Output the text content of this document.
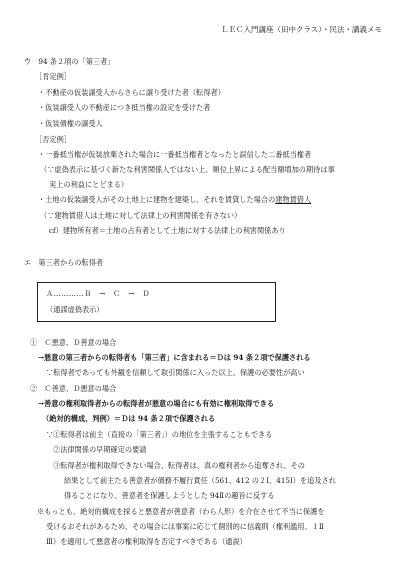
ＬＥＣ入門講座（田中クラス）・民法・講義メモ
ウ　94 条２項の「第三者」
［肯定例］
・不動産の仮装譲受人からさらに譲り受けた者（転得者）
・仮装譲受人の不動産につき抵当権の設定を受けた者
・仮装債権の譲受人
［否定例］
・一番抵当権が仮装放棄された場合に一番抵当権者となったと誤信した二番抵当権者
（∵虚偽表示に基づく新たな利害関係人ではない上、順位上昇による配当額増加の期待は事
実上の利益にとどまる）
・土地の仮装譲受人がその土地上に建物を建築し、それを賃貸した場合の建物賃借人
（∵建物賃借人は土地に対して法律上の利害関係を有さない）
cf）建物所有者＝土地の占有者として土地に対する法律上の利害関係あり
エ　第三者からの転得者
Ａ…………Ｂ　→　Ｃ　→　Ｄ
（通謀虚偽表示）
①　Ｃ悪意、Ｄ善意の場合
→悪意の第三者からの転得者も「第三者」に含まれる＝Ｄは 94 条２項で保護される
∵転得者であっても外観を信頼して取引関係に入った以上、保護の必要性が高い
②　Ｃ善意、Ｄ悪意の場合
→善意の権利取得者からの転得者が悪意の場合にも有効に権利取得できる
（絶対的構成、判例）＝Ｄは 94 条２項で保護される
∵①転得者は前主（直接の「第三者」）の地位を主張することもできる
②法律関係の早期確定の要請
③転得者が権利取得できない場合、転得者は、真の権利者から追奪され、その
結果として前主たる善意者が債務不履行責任（561、412 の２Ⅰ、415Ⅰ）を追及され
得ることになり、善意者を保護しようとした 94Ⅱの趣旨に反する
※もっとも、絶対的構成を採ると悪意者が善意者（わら人形）を介在させて不当に保護を
受けるおそれがあるため、その場合には事案に応じて個別的に信義則（権利濫用、１Ⅱ
Ⅲ）を適用して悪意者の権利取得を否定すべきである（通説）
